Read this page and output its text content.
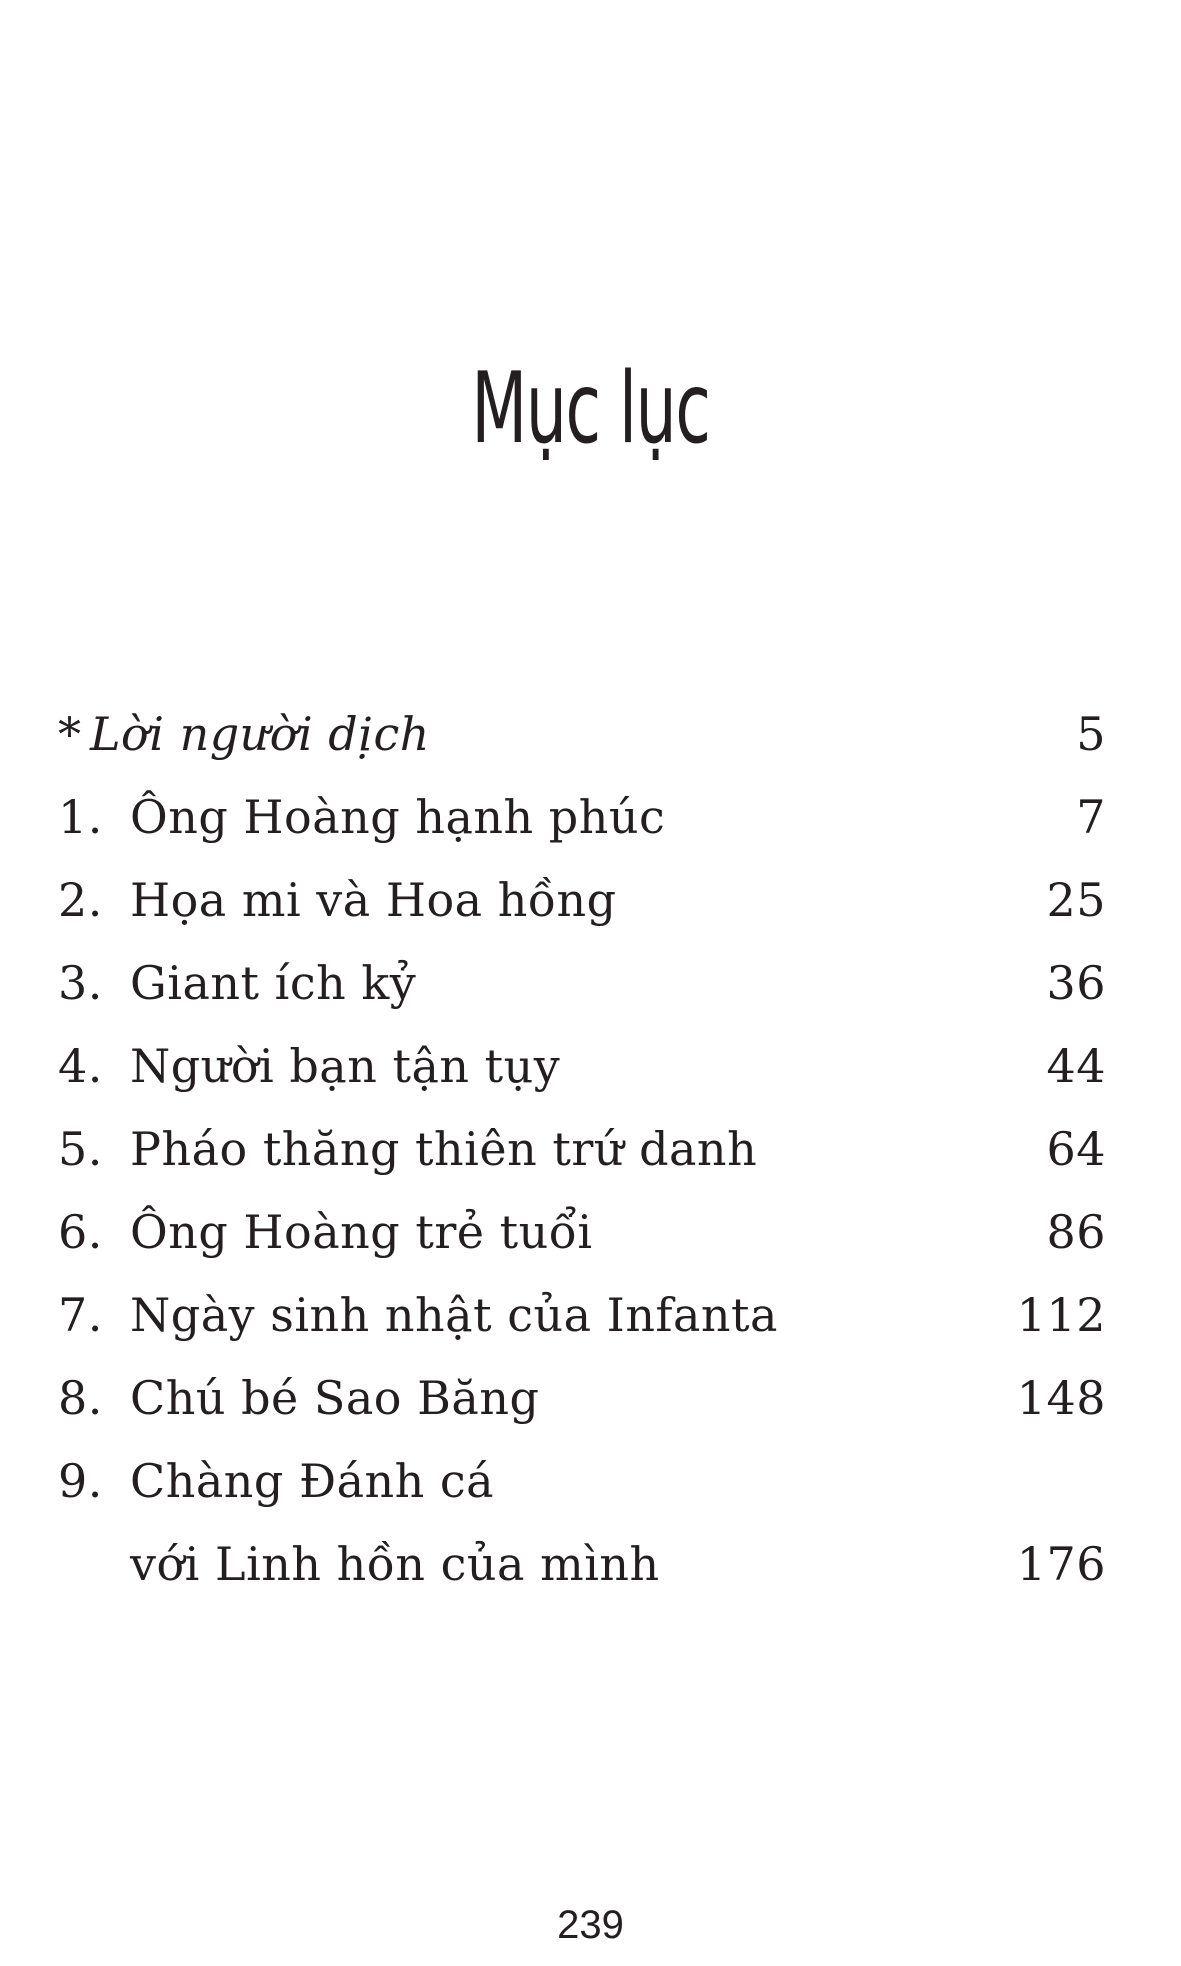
Mục lục
* Lời người dịch	5
1. Ông Hoàng hạnh phúc	7
2. Họa mi và Hoa hồng	25
3. Giant ích kỷ	36
4. Người bạn tận tụy	44
5. Pháo thăng thiên trứ danh	64
6. Ông Hoàng trẻ tuổi	86
7. Ngày sinh nhật của Infanta	112
8. Chú bé Sao Băng	148
9. Chàng Đánh cá
với Linh hồn của mình	176
239
